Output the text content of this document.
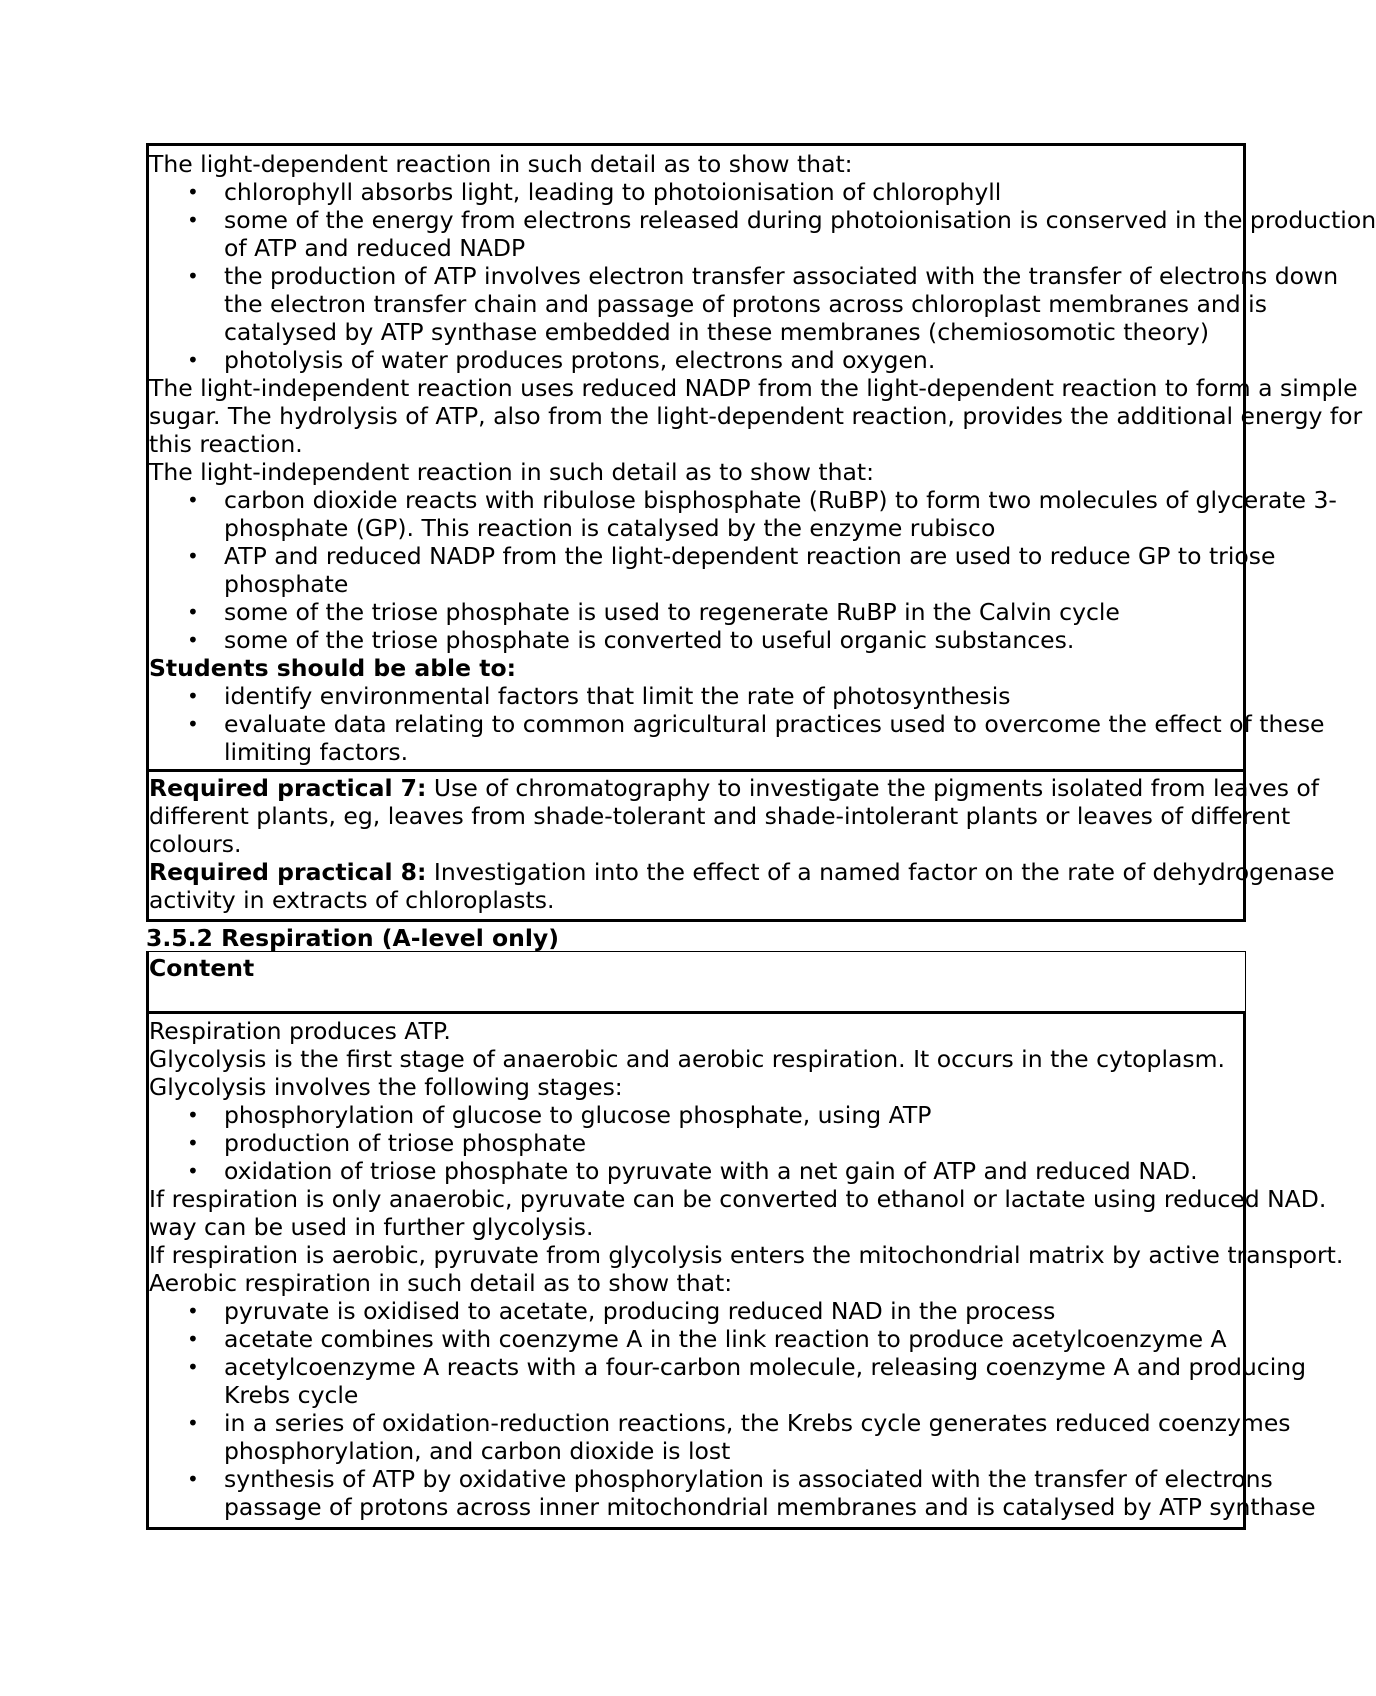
The light-dependent reaction in such detail as to show that:
• chlorophyll absorbs light, leading to photoionisation of chlorophyll
• some of the energy from electrons released during photoionisation is conserved in the production
of ATP and reduced NADP
• the production of ATP involves electron transfer associated with the transfer of electrons down
the electron transfer chain and passage of protons across chloroplast membranes and is
catalysed by ATP synthase embedded in these membranes (chemiosomotic theory)
• photolysis of water produces protons, electrons and oxygen.
The light-independent reaction uses reduced NADP from the light-dependent reaction to form a simple
sugar. The hydrolysis of ATP, also from the light-dependent reaction, provides the additional energy for
this reaction.
The light-independent reaction in such detail as to show that:
• carbon dioxide reacts with ribulose bisphosphate (RuBP) to form two molecules of glycerate 3-
phosphate (GP). This reaction is catalysed by the enzyme rubisco
• ATP and reduced NADP from the light-dependent reaction are used to reduce GP to triose
phosphate
• some of the triose phosphate is used to regenerate RuBP in the Calvin cycle
• some of the triose phosphate is converted to useful organic substances.
Students should be able to:
• identify environmental factors that limit the rate of photosynthesis
• evaluate data relating to common agricultural practices used to overcome the effect of these
limiting factors.
Required practical 7: Use of chromatography to investigate the pigments isolated from leaves of
different plants, eg, leaves from shade-tolerant and shade-intolerant plants or leaves of different
colours.
Required practical 8: Investigation into the effect of a named factor on the rate of dehydrogenase
activity in extracts of chloroplasts.
3.5.2 Respiration (A-level only)
Content
Respiration produces ATP.
Glycolysis is the first stage of anaerobic and aerobic respiration. It occurs in the cytoplasm.
Glycolysis involves the following stages:
• phosphorylation of glucose to glucose phosphate, using ATP
• production of triose phosphate
• oxidation of triose phosphate to pyruvate with a net gain of ATP and reduced NAD.
If respiration is only anaerobic, pyruvate can be converted to ethanol or lactate using reduced NAD.
way can be used in further glycolysis.
If respiration is aerobic, pyruvate from glycolysis enters the mitochondrial matrix by active transport.
Aerobic respiration in such detail as to show that:
• pyruvate is oxidised to acetate, producing reduced NAD in the process
• acetate combines with coenzyme A in the link reaction to produce acetylcoenzyme A
• acetylcoenzyme A reacts with a four-carbon molecule, releasing coenzyme A and producing
Krebs cycle
• in a series of oxidation-reduction reactions, the Krebs cycle generates reduced coenzymes
phosphorylation, and carbon dioxide is lost
• synthesis of ATP by oxidative phosphorylation is associated with the transfer of electrons
passage of protons across inner mitochondrial membranes and is catalysed by ATP synthase
